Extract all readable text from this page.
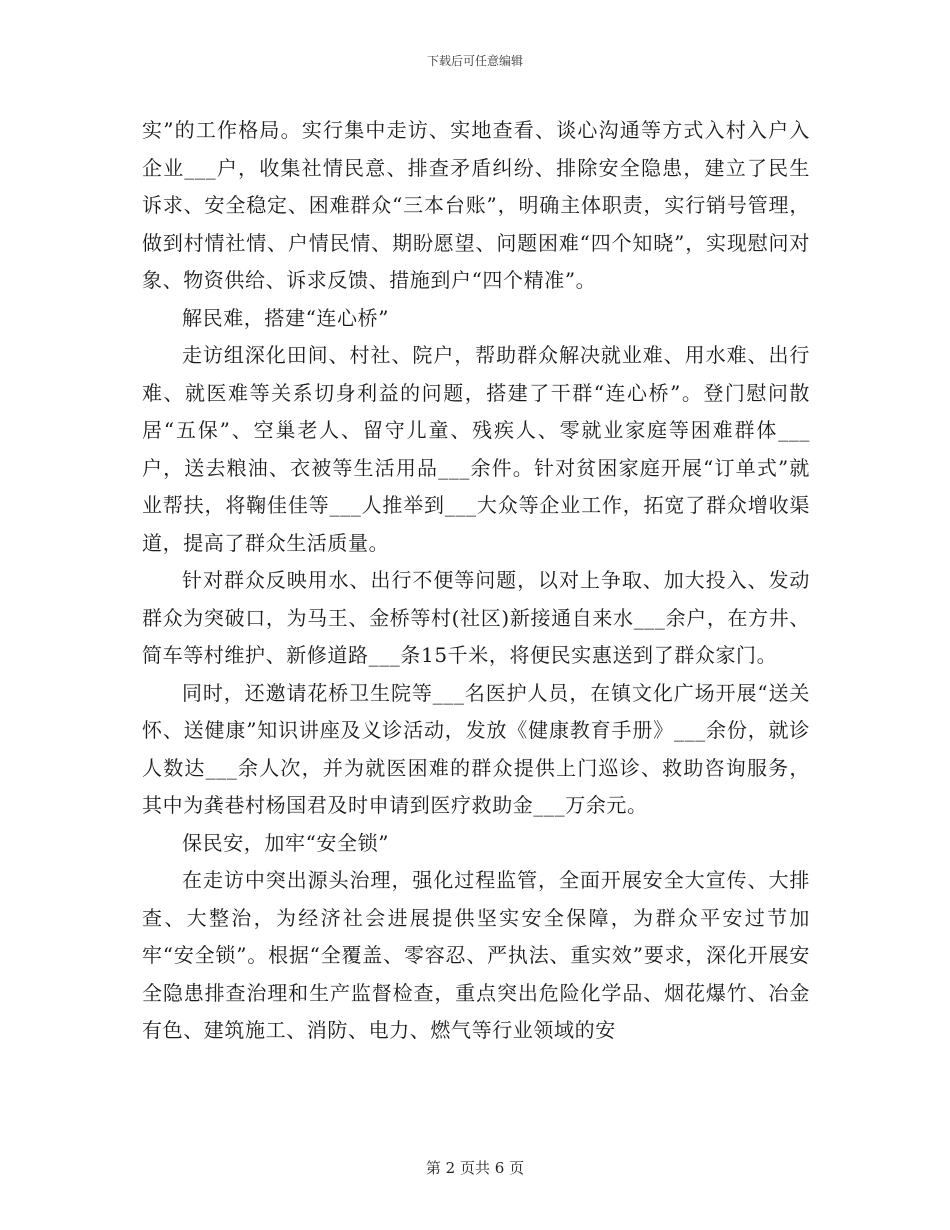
下载后可任意编辑

实”的工作格局。实行集中走访、实地查看、谈心沟通等方式入村入户入企业___户，收集社情民意、排查矛盾纠纷、排除安全隐患，建立了民生诉求、安全稳定、困难群众“三本台账”，明确主体职责，实行销号管理，做到村情社情、户情民情、期盼愿望、问题困难“四个知晓”，实现慰问对象、物资供给、诉求反馈、措施到户“四个精准”。

解民难，搭建“连心桥”

走访组深化田间、村社、院户，帮助群众解决就业难、用水难、出行难、就医难等关系切身利益的问题，搭建了干群“连心桥”。登门慰问散居“五保”、空巢老人、留守儿童、残疾人、零就业家庭等困难群体___户，送去粮油、衣被等生活用品___余件。针对贫困家庭开展“订单式”就业帮扶，将鞠佳佳等___人推举到___大众等企业工作，拓宽了群众增收渠道，提高了群众生活质量。

针对群众反映用水、出行不便等问题，以对上争取、加大投入、发动群众为突破口，为马王、金桥等村(社区)新接通自来水___余户，在方井、简车等村维护、新修道路___条15千米，将便民实惠送到了群众家门。

同时，还邀请花桥卫生院等___名医护人员，在镇文化广场开展“送关怀、送健康”知识讲座及义诊活动，发放《健康教育手册》___余份，就诊人数达___余人次，并为就医困难的群众提供上门巡诊、救助咨询服务，其中为龚巷村杨国君及时申请到医疗救助金___万余元。

保民安，加牢“安全锁”

在走访中突出源头治理，强化过程监管，全面开展安全大宣传、大排查、大整治，为经济社会进展提供坚实安全保障，为群众平安过节加牢“安全锁”。根据“全覆盖、零容忍、严执法、重实效”要求，深化开展安全隐患排查治理和生产监督检查，重点突出危险化学品、烟花爆竹、冶金有色、建筑施工、消防、电力、燃气等行业领域的安

第 2 页共 6 页
